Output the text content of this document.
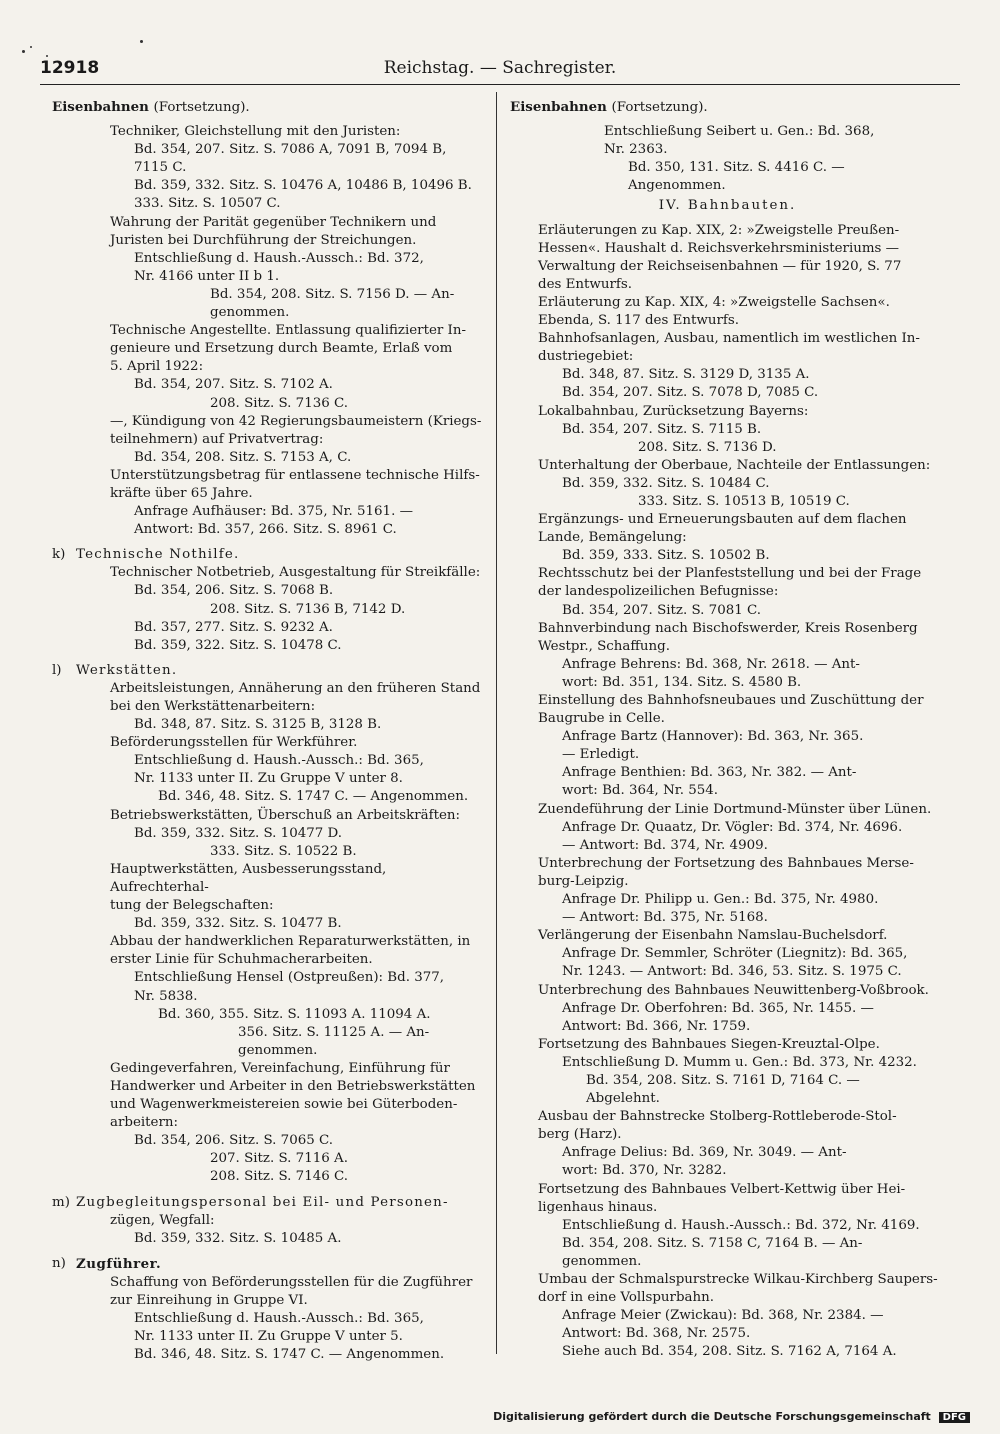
12918	Reichstag. — Sachregister.
Eisenbahnen (Fortsetzung).
Techniker, Gleichstellung mit den Juristen:
Bd. 354, 207. Sitz. S. 7086 A, 7091 B, 7094 B,
7115 C.
Bd. 359, 332. Sitz. S. 10476 A, 10486 B, 10496 B.
333. Sitz. S. 10507 C.
Wahrung der Parität gegenüber Technikern und
Juristen bei Durchführung der Streichungen.
Entschließung d. Haush.-Aussch.: Bd. 372,
Nr. 4166 unter II b 1.
Bd. 354, 208. Sitz. S. 7156 D. — An-
genommen.
Technische Angestellte. Entlassung qualifizierter In-
genieure und Ersetzung durch Beamte, Erlaß vom
5. April 1922:
Bd. 354, 207. Sitz. S. 7102 A.
208. Sitz. S. 7136 C.
—, Kündigung von 42 Regierungsbaumeistern (Kriegs-
teilnehmern) auf Privatvertrag:
Bd. 354, 208. Sitz. S. 7153 A, C.
Unterstützungsbetrag für entlassene technische Hilfs-
kräfte über 65 Jahre.
Anfrage Aufhäuser: Bd. 375, Nr. 5161. —
Antwort: Bd. 357, 266. Sitz. S. 8961 C.
k) Technische Nothilfe.
Technischer Notbetrieb, Ausgestaltung für Streikfälle:
Bd. 354, 206. Sitz. S. 7068 B.
208. Sitz. S. 7136 B, 7142 D.
Bd. 357, 277. Sitz. S. 9232 A.
Bd. 359, 322. Sitz. S. 10478 C.
l) Werkstätten.
Arbeitsleistungen, Annäherung an den früheren Stand
bei den Werkstättenarbeitern:
Bd. 348, 87. Sitz. S. 3125 B, 3128 B.
Beförderungsstellen für Werkführer.
Entschließung d. Haush.-Aussch.: Bd. 365,
Nr. 1133 unter II. Zu Gruppe V unter 8.
Bd. 346, 48. Sitz. S. 1747 C. — Angenommen.
Betriebswerkstätten, Überschuß an Arbeitskräften:
Bd. 359, 332. Sitz. S. 10477 D.
333. Sitz. S. 10522 B.
Hauptwerkstätten, Ausbesserungsstand, Aufrechterhal-
tung der Belegschaften:
Bd. 359, 332. Sitz. S. 10477 B.
Abbau der handwerklichen Reparaturwerkstätten, in
erster Linie für Schuhmacherarbeiten.
Entschließung Hensel (Ostpreußen): Bd. 377,
Nr. 5838.
Bd. 360, 355. Sitz. S. 11093 A. 11094 A.
356. Sitz. S. 11125 A. — An-
genommen.
Gedingeverfahren, Vereinfachung, Einführung für
Handwerker und Arbeiter in den Betriebswerkstätten
und Wagenwerkmeistereien sowie bei Güterboden-
arbeitern:
Bd. 354, 206. Sitz. S. 7065 C.
207. Sitz. S. 7116 A.
208. Sitz. S. 7146 C.
m) Zugbegleitungspersonal bei Eil- und Personen-
zügen, Wegfall:
Bd. 359, 332. Sitz. S. 10485 A.
n) Zugführer.
Schaffung von Beförderungsstellen für die Zugführer
zur Einreihung in Gruppe VI.
Entschließung d. Haush.-Aussch.: Bd. 365,
Nr. 1133 unter II. Zu Gruppe V unter 5.
Bd. 346, 48. Sitz. S. 1747 C. — Angenommen.
Eisenbahnen (Fortsetzung).
Entschließung Seibert u. Gen.: Bd. 368,
Nr. 2363.
Bd. 350, 131. Sitz. S. 4416 C. — Angenommen.
IV. Bahnbauten.
Erläuterungen zu Kap. XIX, 2: »Zweigstelle Preußen-
Hessen«. Haushalt d. Reichsverkehrsministeriums —
Verwaltung der Reichseisenbahnen — für 1920, S. 77
des Entwurfs.
Erläuterung zu Kap. XIX, 4: »Zweigstelle Sachsen«.
Ebenda, S. 117 des Entwurfs.
Bahnhofsanlagen, Ausbau, namentlich im westlichen In-
dustriegebiet:
Bd. 348, 87. Sitz. S. 3129 D, 3135 A.
Bd. 354, 207. Sitz. S. 7078 D, 7085 C.
Lokalbahnbau, Zurücksetzung Bayerns:
Bd. 354, 207. Sitz. S. 7115 B.
208. Sitz. S. 7136 D.
Unterhaltung der Oberbaue, Nachteile der Entlassungen:
Bd. 359, 332. Sitz. S. 10484 C.
333. Sitz. S. 10513 B, 10519 C.
Ergänzungs- und Erneuerungsbauten auf dem flachen
Lande, Bemängelung:
Bd. 359, 333. Sitz. S. 10502 B.
Rechtsschutz bei der Planfeststellung und bei der Frage
der landespolizeilichen Befugnisse:
Bd. 354, 207. Sitz. S. 7081 C.
Bahnverbindung nach Bischofswerder, Kreis Rosenberg
Westpr., Schaffung.
Anfrage Behrens: Bd. 368, Nr. 2618. — Ant-
wort: Bd. 351, 134. Sitz. S. 4580 B.
Einstellung des Bahnhofsneubaues und Zuschüttung der
Baugrube in Celle.
Anfrage Bartz (Hannover): Bd. 363, Nr. 365.
— Erledigt.
Anfrage Benthien: Bd. 363, Nr. 382. — Ant-
wort: Bd. 364, Nr. 554.
Zuendeführung der Linie Dortmund-Münster über Lünen.
Anfrage Dr. Quaatz, Dr. Vögler: Bd. 374, Nr. 4696.
— Antwort: Bd. 374, Nr. 4909.
Unterbrechung der Fortsetzung des Bahnbaues Merse-
burg-Leipzig.
Anfrage Dr. Philipp u. Gen.: Bd. 375, Nr. 4980.
— Antwort: Bd. 375, Nr. 5168.
Verlängerung der Eisenbahn Namslau-Buchelsdorf.
Anfrage Dr. Semmler, Schröter (Liegnitz): Bd. 365,
Nr. 1243. — Antwort: Bd. 346, 53. Sitz. S. 1975 C.
Unterbrechung des Bahnbaues Neuwittenberg-Voßbrook.
Anfrage Dr. Oberfohren: Bd. 365, Nr. 1455. —
Antwort: Bd. 366, Nr. 1759.
Fortsetzung des Bahnbaues Siegen-Kreuztal-Olpe.
Entschließung D. Mumm u. Gen.: Bd. 373, Nr. 4232.
Bd. 354, 208. Sitz. S. 7161 D, 7164 C. —
Abgelehnt.
Ausbau der Bahnstrecke Stolberg-Rottleberode-Stol-
berg (Harz).
Anfrage Delius: Bd. 369, Nr. 3049. — Ant-
wort: Bd. 370, Nr. 3282.
Fortsetzung des Bahnbaues Velbert-Kettwig über Hei-
ligenhaus hinaus.
Entschließung d. Haush.-Aussch.: Bd. 372, Nr. 4169.
Bd. 354, 208. Sitz. S. 7158 C, 7164 B. — An-
genommen.
Umbau der Schmalspurstrecke Wilkau-Kirchberg Saupers-
dorf in eine Vollspurbahn.
Anfrage Meier (Zwickau): Bd. 368, Nr. 2384. —
Antwort: Bd. 368, Nr. 2575.
Siehe auch Bd. 354, 208. Sitz. S. 7162 A, 7164 A.
Digitalisierung gefördert durch die Deutsche Forschungsgemeinschaft DFG
